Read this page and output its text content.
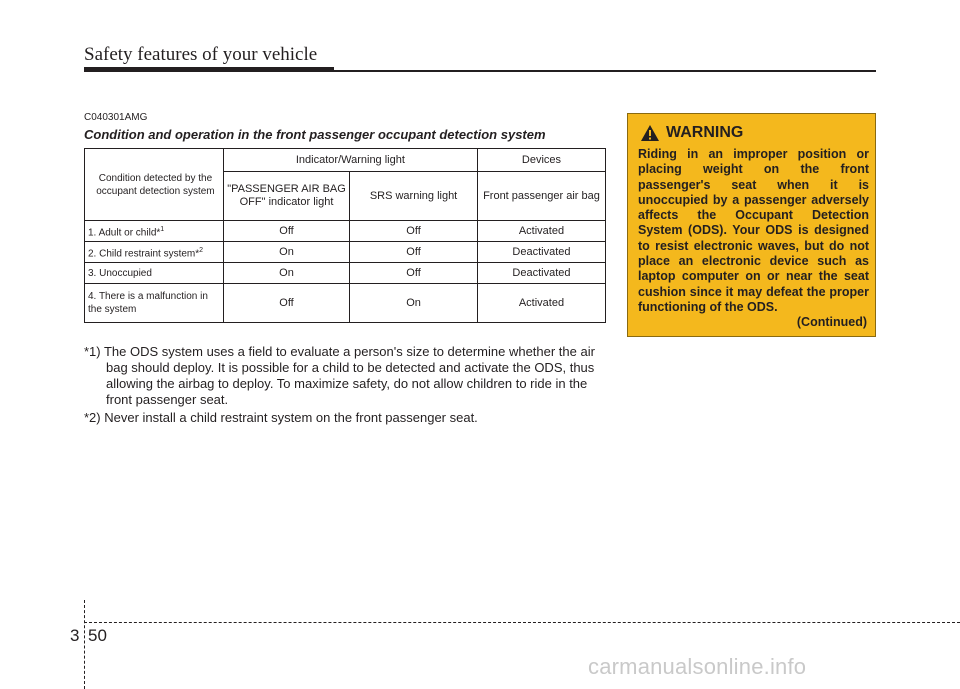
Safety features of your vehicle
C040301AMG
Condition and operation in the front passenger occupant detection system
Condition detected by the occupant detection system	Indicator/Warning light		Devices
	"PASSENGER AIR BAG OFF" indicator light	SRS warning light	Front passenger air bag
1. Adult or child*$^1$	Off	Off	Activated
2. Child restraint system*$^2$	On	Off	Deactivated
3. Unoccupied	On	Off	Deactivated
4. There is a malfunction in the system	Off	On	Activated
*1) The ODS system uses a field to evaluate a person's size to determine whether the air bag should deploy. It is possible for a child to be detected and activate the ODS, thus allowing the airbag to deploy. To maximize safety, do not allow children to ride in the front passenger seat.
*2) Never install a child restraint system on the front passenger seat.
WARNING
Riding in an improper position or placing weight on the front passenger's seat when it is unoccupied by a passenger adversely affects the Occupant Detection System (ODS). Your ODS is designed to resist electronic waves, but do not place an electronic device such as laptop computer on or near the seat cushion since it may defeat the proper functioning of the ODS.
(Continued)
3 50
carmanualsonline.info
